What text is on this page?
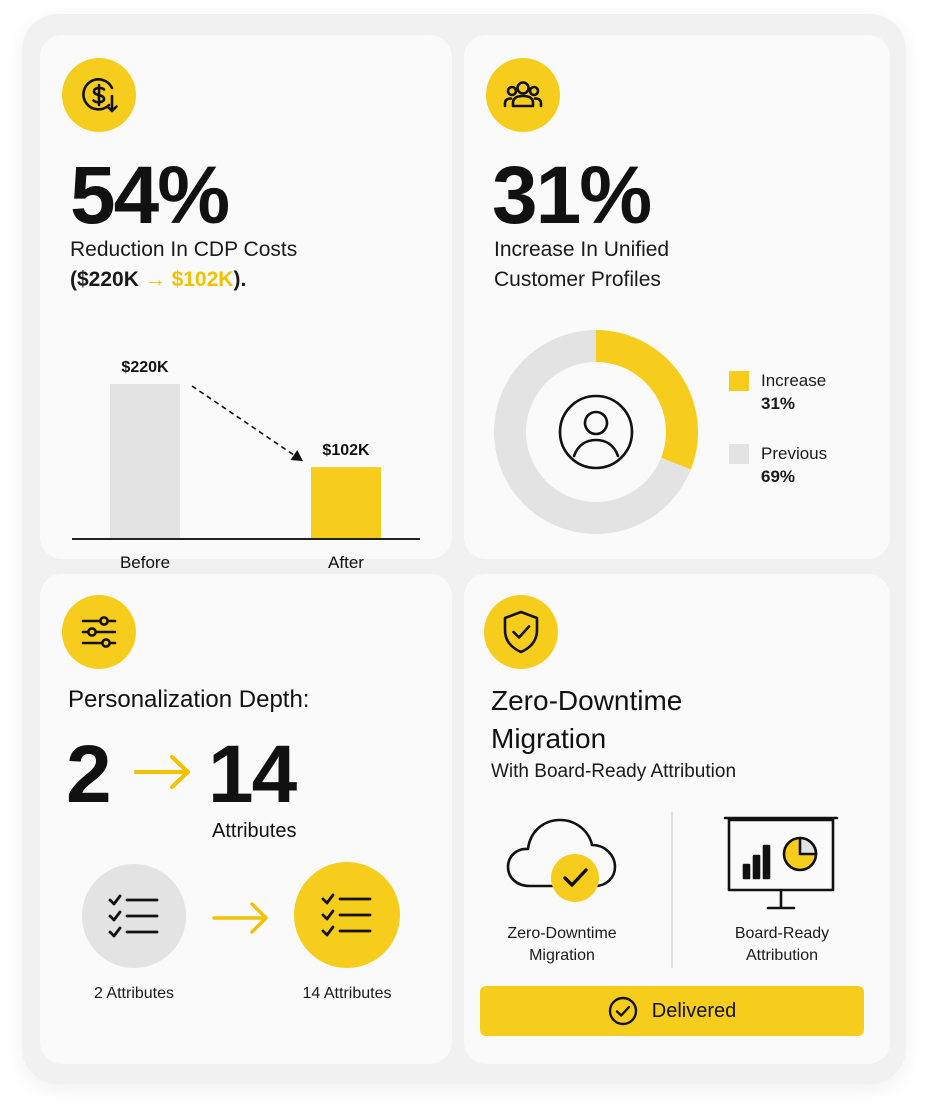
54%
Reduction In CDP Costs
($220K → $102K).
$220K
Before
$102K
After
31%
Increase In Unified
Customer Profiles
Increase
31%
Previous
69%
Personalization Depth:
2 14
Attributes
2 Attributes	14 Attributes
Zero-Downtime
Migration
With Board-Ready Attribution
Zero-Downtime
Migration
Board-Ready
Attribution
Delivered
